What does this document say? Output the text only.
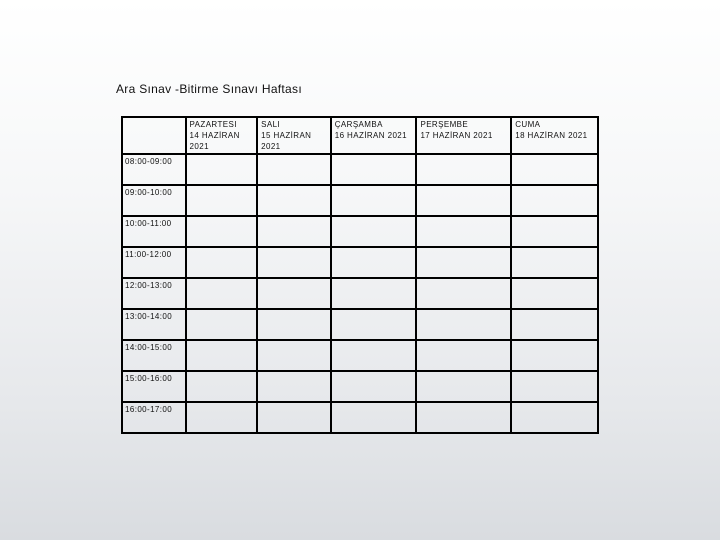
Ara Sınav -Bitirme Sınavı Haftası

	PAZARTESI
14 HAZİRAN
2021	SALI
15 HAZİRAN
2021	ÇARŞAMBA
16 HAZİRAN 2021	PERŞEMBE
17 HAZİRAN 2021	CUMA
18 HAZİRAN 2021

08:00-09:00					
09:00-10:00					
10:00-11:00					
11:00-12:00					
12:00-13:00					
13:00-14:00					
14:00-15:00					
15:00-16:00					
16:00-17:00					
